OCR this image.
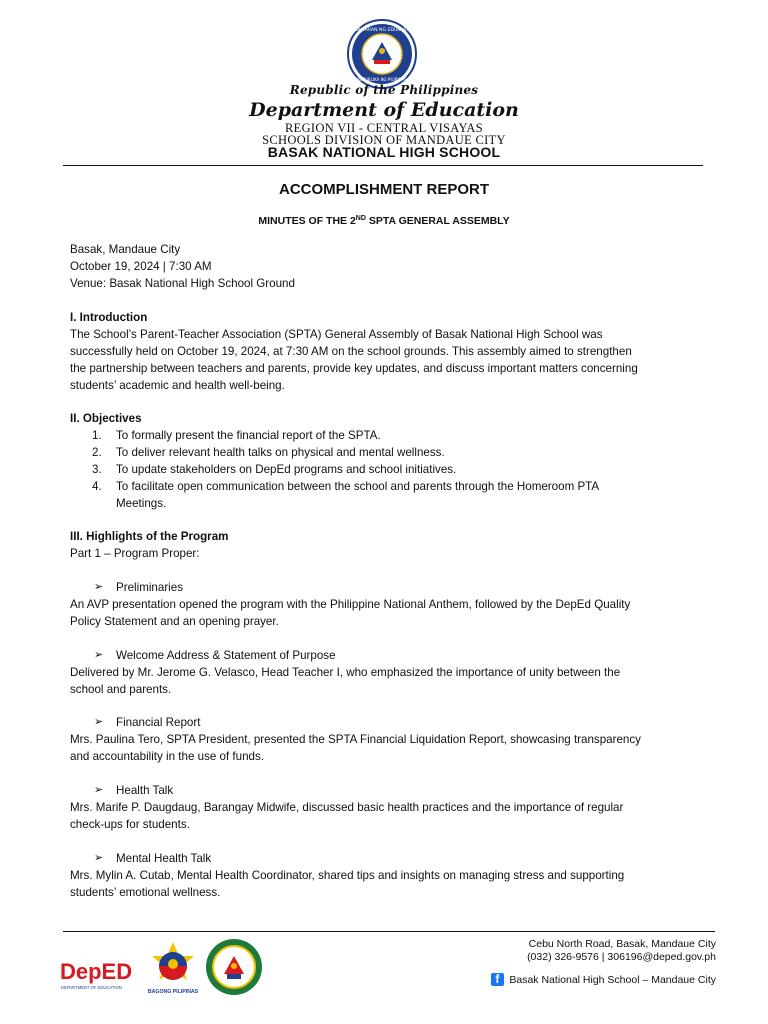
KAGAWARAN NG EDUKASYON
REPUBLIKA NG PILIPINAS
Republic of the Philippines
Department of Education
REGION VII - CENTRAL VISAYAS
SCHOOLS DIVISION OF MANDAUE CITY
BASAK NATIONAL HIGH SCHOOL
ACCOMPLISHMENT REPORT
MINUTES OF THE 2ND SPTA GENERAL ASSEMBLY
Basak, Mandaue City
October 19, 2024 | 7:30 AM
Venue: Basak National High School Ground
I. Introduction
The School’s Parent-Teacher Association (SPTA) General Assembly of Basak National High School was
successfully held on October 19, 2024, at 7:30 AM on the school grounds. This assembly aimed to strengthen
the partnership between teachers and parents, provide key updates, and discuss important matters concerning
students’ academic and health well-being.
II. Objectives
1. To formally present the financial report of the SPTA.
2. To deliver relevant health talks on physical and mental wellness.
3. To update stakeholders on DepEd programs and school initiatives.
4. To facilitate open communication between the school and parents through the Homeroom PTA
Meetings.
III. Highlights of the Program
Part 1 – Program Proper:
➢ Preliminaries
An AVP presentation opened the program with the Philippine National Anthem, followed by the DepEd Quality
Policy Statement and an opening prayer.
➢ Welcome Address & Statement of Purpose
Delivered by Mr. Jerome G. Velasco, Head Teacher I, who emphasized the importance of unity between the
school and parents.
➢ Financial Report
Mrs. Paulina Tero, SPTA President, presented the SPTA Financial Liquidation Report, showcasing transparency
and accountability in the use of funds.
➢ Health Talk
Mrs. Marife P. Daugdaug, Barangay Midwife, discussed basic health practices and the importance of regular
check-ups for students.
➢ Mental Health Talk
Mrs. Mylin A. Cutab, Mental Health Coordinator, shared tips and insights on managing stress and supporting
students’ emotional wellness.
DepED
DEPARTMENT OF EDUCATION
BAGONG PILIPINAS
Cebu North Road, Basak, Mandaue City
(032) 326-9576 | 306196@deped.gov.ph
f
Basak National High School – Mandaue City
